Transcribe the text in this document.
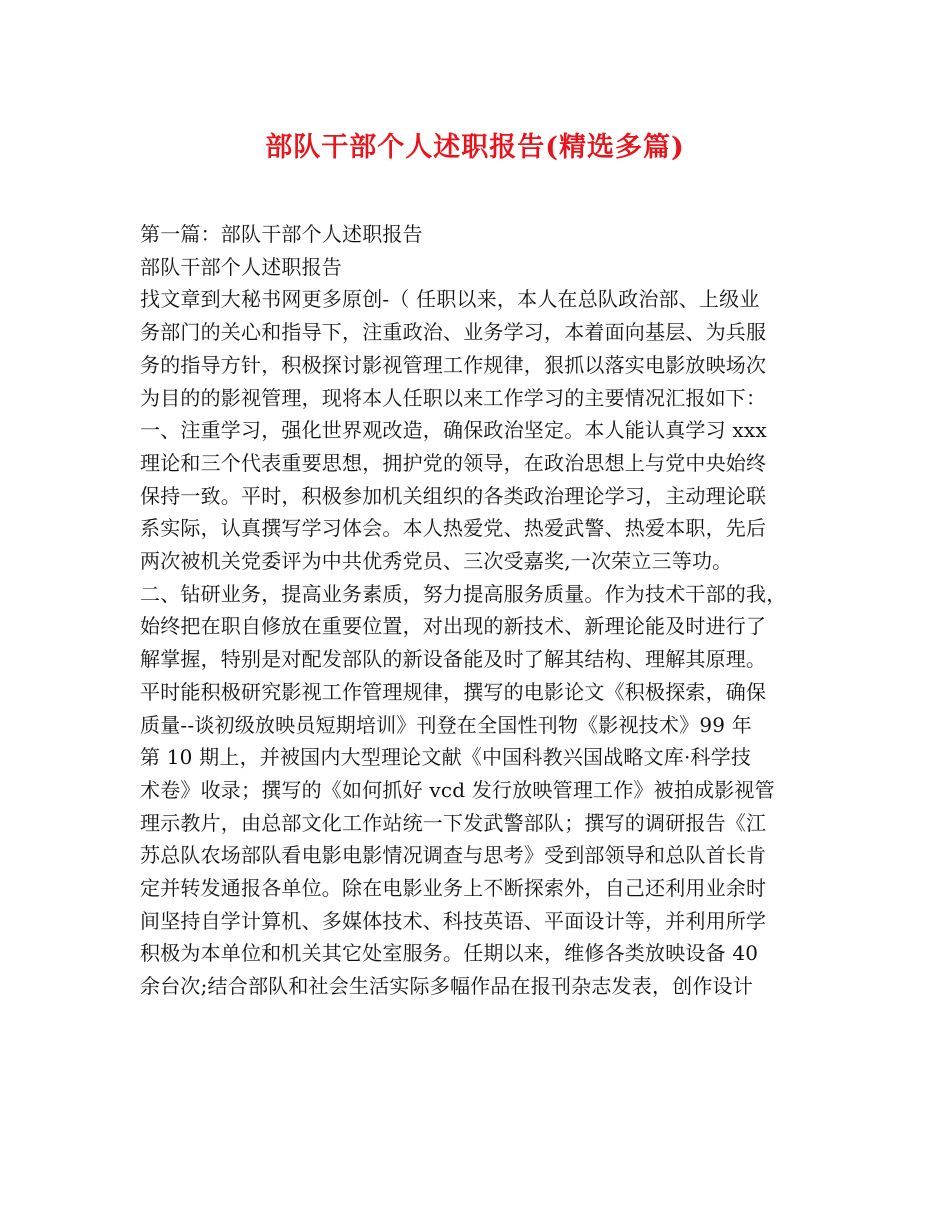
部队干部个人述职报告(精选多篇)
第一篇：部队干部个人述职报告
部队干部个人述职报告
找文章到大秘书网更多原创-（ 任职以来，本人在总队政治部、上级业
务部门的关心和指导下，注重政治、业务学习，本着面向基层、为兵服
务的指导方针，积极探讨影视管理工作规律，狠抓以落实电影放映场次
为目的的影视管理，现将本人任职以来工作学习的主要情况汇报如下：
一、注重学习，强化世界观改造，确保政治坚定。本人能认真学习 xxx
理论和三个代表重要思想，拥护党的领导，在政治思想上与党中央始终
保持一致。平时，积极参加机关组织的各类政治理论学习，主动理论联
系实际，认真撰写学习体会。本人热爱党、热爱武警、热爱本职，先后
两次被机关党委评为中共优秀党员、三次受嘉奖,一次荣立三等功。
二、钻研业务，提高业务素质，努力提高服务质量。作为技术干部的我，
始终把在职自修放在重要位置，对出现的新技术、新理论能及时进行了
解掌握，特别是对配发部队的新设备能及时了解其结构、理解其原理。
平时能积极研究影视工作管理规律，撰写的电影论文《积极探索，确保
质量--谈初级放映员短期培训》刊登在全国性刊物《影视技术》99 年
第 10 期上，并被国内大型理论文献《中国科教兴国战略文库·科学技
术卷》收录；撰写的《如何抓好 vcd 发行放映管理工作》被拍成影视管
理示教片，由总部文化工作站统一下发武警部队；撰写的调研报告《江
苏总队农场部队看电影电影情况调查与思考》受到部领导和总队首长肯
定并转发通报各单位。除在电影业务上不断探索外，自己还利用业余时
间坚持自学计算机、多媒体技术、科技英语、平面设计等，并利用所学
积极为本单位和机关其它处室服务。任期以来，维修各类放映设备 40
余台次;结合部队和社会生活实际多幅作品在报刊杂志发表，创作设计
